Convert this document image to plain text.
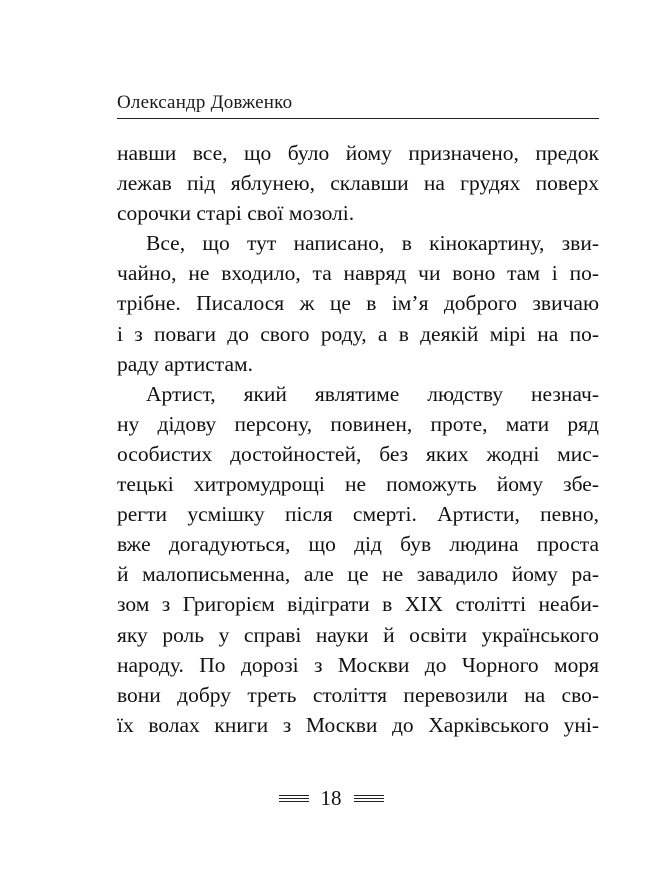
Олександр Довженко
навши все, що було йому призначено, предок
лежав під яблунею, склавши на грудях поверх
сорочки старі свої мозолі.
Все, що тут написано, в кінокартину, зви-
чайно, не входило, та навряд чи воно там і по-
трібне. Писалося ж це в ім’я доброго звичаю
і з поваги до свого роду, а в деякій мірі на по-
раду артистам.
Артист, який являтиме людству незнач-
ну дідову персону, повинен, проте, мати ряд
особистих достойностей, без яких жодні мис-
тецькі хитромудрощі не поможуть йому збе-
регти усмішку після смерті. Артисти, певно,
вже догадуються, що дід був людина проста
й малописьменна, але це не завадило йому ра-
зом з Григорієм відіграти в ХІХ столітті неаби-
яку роль у справі науки й освіти українського
народу. По дорозі з Москви до Чорного моря
вони добру треть століття перевозили на сво-
їх волах книги з Москви до Харківського уні-
18
